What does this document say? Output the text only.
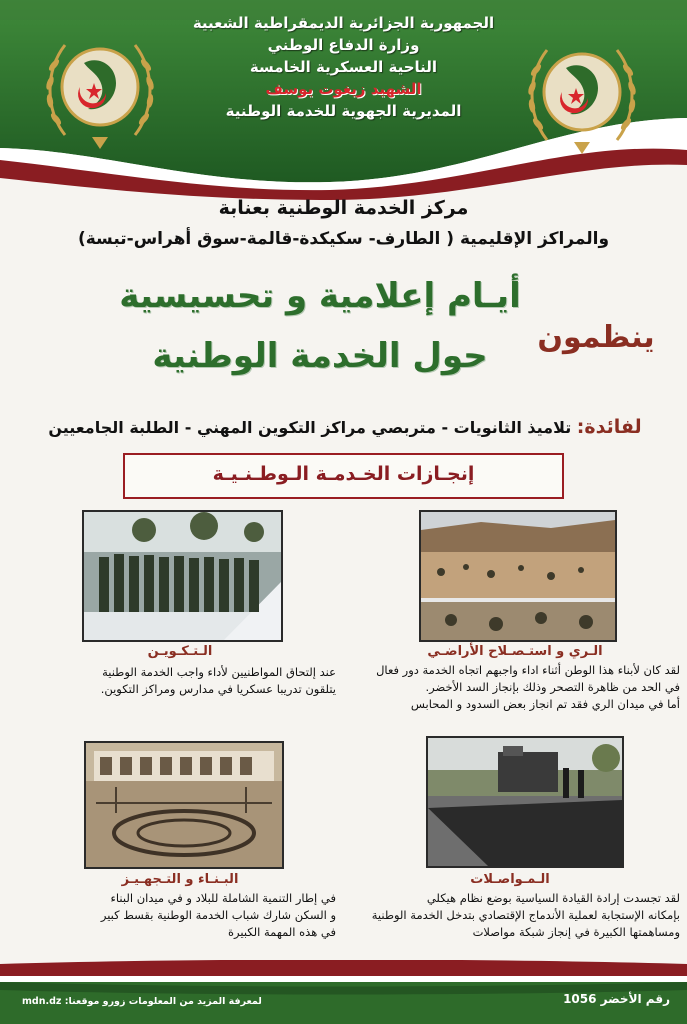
الجمهورية الجزائرية الديمقراطية الشعبية
وزارة الدفاع الوطني
الناحية العسكرية الخامسة
الشهيد زيغوت يوسف
المديرية الجهوية للخدمة الوطنية
مركز الخدمة الوطنية بعنابة
والمراكز الإقليمية ( الطارف- سكيكدة-قالمة-سوق أهراس-تبسة)
أيـام إعلامية و تحسيسية
حول الخدمة الوطنية	ينظمون
لفائدة: تلاميذ الثانويات - متربصي مراكز التكوين المهني - الطلبة الجامعيين
إنجـازات الخـدمـة الـوطـنـيـة
الـري و استـصـلاح الأراضـي
لقد كان لأبناء هذا الوطن أثناء اداء واجبهم اتجاه الخدمة دور فعال
في الحد من ظاهرة التصحر وذلك بإنجاز السد الأخضر.
أما في ميدان الري فقد تم انجاز بعض السدود و المحابس
الـتـكـويـن
عند إلتحاق المواطنيين لأداء واجب الخدمة الوطنية
يتلقون تدريبا عسكريا في مدارس ومراكز التكوين.
الـمـواصـلات
لقد تجسدت إرادة القيادة السياسية بوضع نظام هيكلي
بإمكانه الإستجابة لعملية الأندماج الإقتصادي بتدخل الخدمة الوطنية
ومساهمتها الكبيرة في إنجاز شبكة مواصلات
البـنـاء و التـجهـيـز
في إطار التنمية الشاملة للبلاد و في ميدان البناء
و السكن شارك شباب الخدمة الوطنية بقسط كبير
في هذه المهمة الكبيرة
رقم الأخضر 1056
لمعرفة المزيد من المعلومات زورو موقعنا: mdn.dz
